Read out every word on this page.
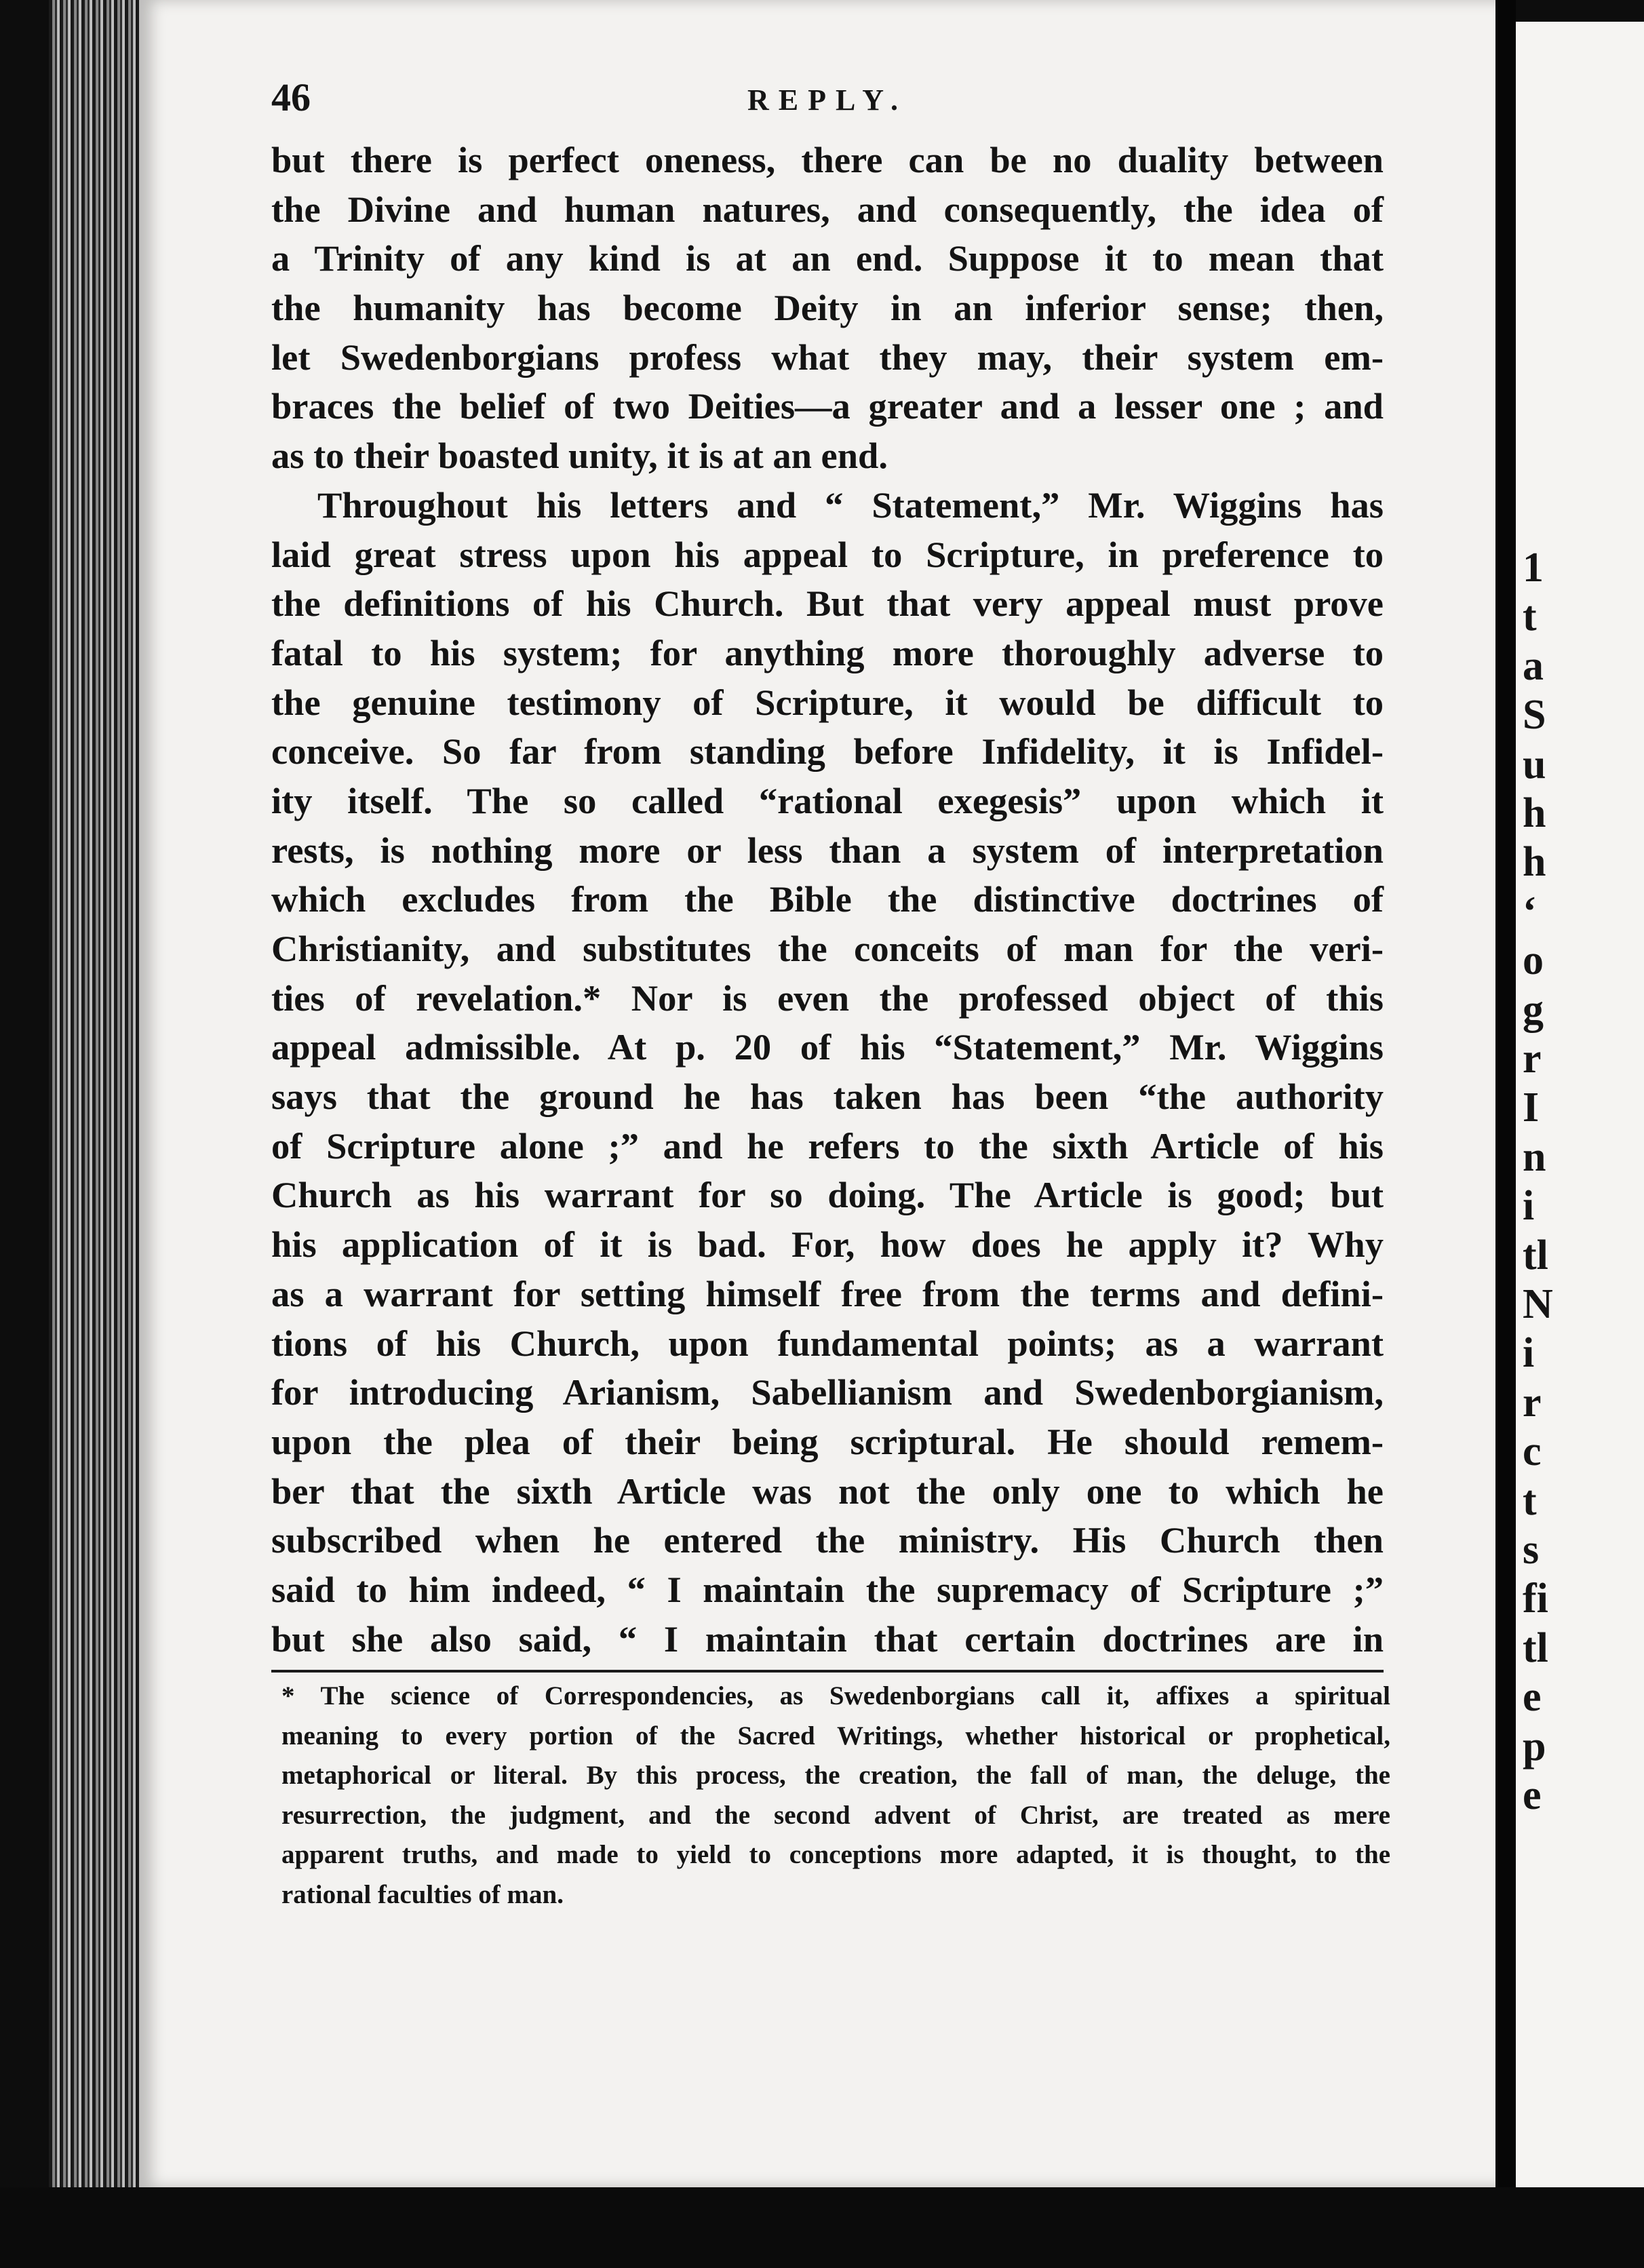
1
t
a
S
u
h
h
‘
o
g
r
I
n
i
tl
N
i
r
c
t
s
fi
tl
e
p
e
46	REPLY.
but there is perfect oneness, there can be no duality between
the Divine and human natures, and consequently, the idea of
a Trinity of any kind is at an end. Suppose it to mean that
the humanity has become Deity in an inferior sense; then,
let Swedenborgians profess what they may, their system em-
braces the belief of two Deities—a greater and a lesser one ; and
as to their boasted unity, it is at an end.
Throughout his letters and “ Statement,” Mr. Wiggins has
laid great stress upon his appeal to Scripture, in preference to
the definitions of his Church. But that very appeal must prove
fatal to his system; for anything more thoroughly adverse to
the genuine testimony of Scripture, it would be difficult to
conceive. So far from standing before Infidelity, it is Infidel-
ity itself. The so called “rational exegesis” upon which it
rests, is nothing more or less than a system of interpretation
which excludes from the Bible the distinctive doctrines of
Christianity, and substitutes the conceits of man for the veri-
ties of revelation.* Nor is even the professed object of this
appeal admissible. At p. 20 of his “Statement,” Mr. Wiggins
says that the ground he has taken has been “the authority
of Scripture alone ;” and he refers to the sixth Article of his
Church as his warrant for so doing. The Article is good; but
his application of it is bad. For, how does he apply it? Why
as a warrant for setting himself free from the terms and defini-
tions of his Church, upon fundamental points; as a warrant
for introducing Arianism, Sabellianism and Swedenborgianism,
upon the plea of their being scriptural. He should remem-
ber that the sixth Article was not the only one to which he
subscribed when he entered the ministry. His Church then
said to him indeed, “ I maintain the supremacy of Scripture ;”
but she also said, “ I maintain that certain doctrines are in
* The science of Correspondencies, as Swedenborgians call it, affixes a spiritual
meaning to every portion of the Sacred Writings, whether historical or prophetical,
metaphorical or literal. By this process, the creation, the fall of man, the deluge, the
resurrection, the judgment, and the second advent of Christ, are treated as mere
apparent truths, and made to yield to conceptions more adapted, it is thought, to the
rational faculties of man.
